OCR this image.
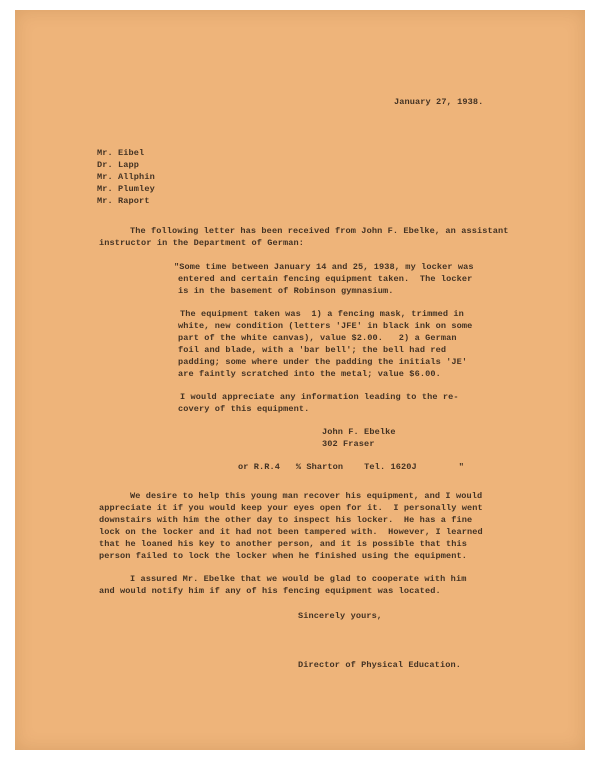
January 27, 1938.
Mr. Eibel
Dr. Lapp
Mr. Allphin
Mr. Plumley
Mr. Raport
The following letter has been received from John F. Ebelke, an assistant
instructor in the Department of German:
"Some time between January 14 and 25, 1938, my locker was
entered and certain fencing equipment taken.  The locker
is in the basement of Robinson gymnasium.
The equipment taken was  1) a fencing mask, trimmed in
white, new condition (letters 'JFE' in black ink on some
part of the white canvas), value $2.00.   2) a German
foil and blade, with a 'bar bell'; the bell had red
padding; some where under the padding the initials 'JE'
are faintly scratched into the metal; value $6.00.
I would appreciate any information leading to the re-
covery of this equipment.
John F. Ebelke
302 Fraser
or R.R.4   % Sharton    Tel. 1620J        "
We desire to help this young man recover his equipment, and I would
appreciate it if you would keep your eyes open for it.  I personally went
downstairs with him the other day to inspect his locker.  He has a fine
lock on the locker and it had not been tampered with.  However, I learned
that he loaned his key to another person, and it is possible that this
person failed to lock the locker when he finished using the equipment.
I assured Mr. Ebelke that we would be glad to cooperate with him
and would notify him if any of his fencing equipment was located.
Sincerely yours,
Director of Physical Education.
